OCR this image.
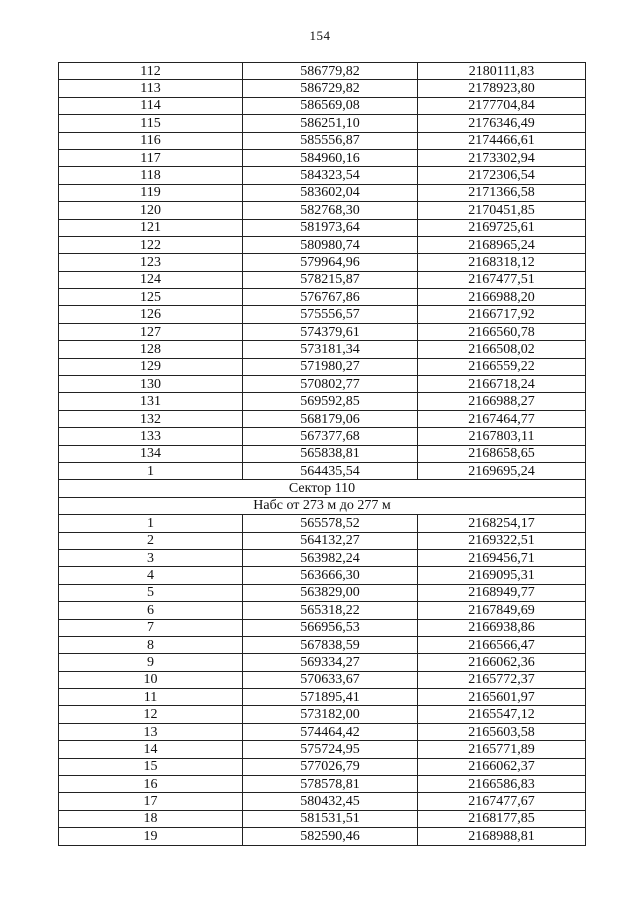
154
112	586779,82	2180111,83
113	586729,82	2178923,80
114	586569,08	2177704,84
115	586251,10	2176346,49
116	585556,87	2174466,61
117	584960,16	2173302,94
118	584323,54	2172306,54
119	583602,04	2171366,58
120	582768,30	2170451,85
121	581973,64	2169725,61
122	580980,74	2168965,24
123	579964,96	2168318,12
124	578215,87	2167477,51
125	576767,86	2166988,20
126	575556,57	2166717,92
127	574379,61	2166560,78
128	573181,34	2166508,02
129	571980,27	2166559,22
130	570802,77	2166718,24
131	569592,85	2166988,27
132	568179,06	2167464,77
133	567377,68	2167803,11
134	565838,81	2168658,65
1	564435,54	2169695,24
Сектор 110		
Набс от 273 м до 277 м		
1	565578,52	2168254,17
2	564132,27	2169322,51
3	563982,24	2169456,71
4	563666,30	2169095,31
5	563829,00	2168949,77
6	565318,22	2167849,69
7	566956,53	2166938,86
8	567838,59	2166566,47
9	569334,27	2166062,36
10	570633,67	2165772,37
11	571895,41	2165601,97
12	573182,00	2165547,12
13	574464,42	2165603,58
14	575724,95	2165771,89
15	577026,79	2166062,37
16	578578,81	2166586,83
17	580432,45	2167477,67
18	581531,51	2168177,85
19	582590,46	2168988,81
